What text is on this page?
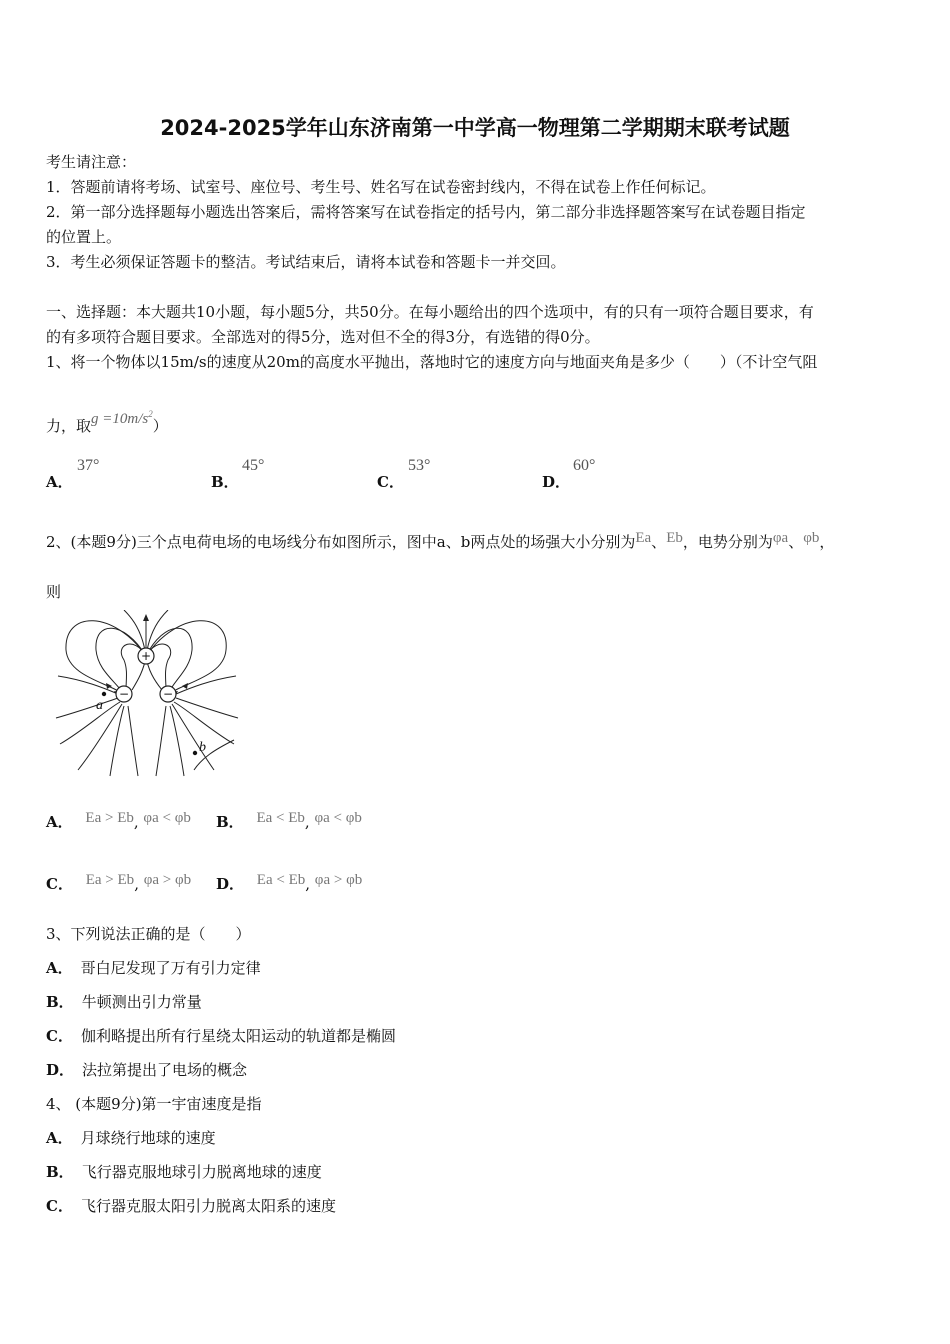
2024-2025学年山东济南第一中学高一物理第二学期期末联考试题
考生请注意：
1．答题前请将考场、试室号、座位号、考生号、姓名写在试卷密封线内，不得在试卷上作任何标记。
2．第一部分选择题每小题选出答案后，需将答案写在试卷指定的括号内，第二部分非选择题答案写在试卷题目指定
的位置上。
3．考生必须保证答题卡的整洁。考试结束后，请将本试卷和答题卡一并交回。
一、选择题：本大题共10小题，每小题5分，共50分。在每小题给出的四个选项中，有的只有一项符合题目要求，有
的有多项符合题目要求。全部选对的得5分，选对但不全的得3分，有选错的得0分。
1、将一个物体以15m/s的速度从20m的高度水平抛出，落地时它的速度方向与地面夹角是多少（　　）（不计空气阻
力，取$g =10m/s^2$）
A．
37°
B．
45°
C．
53°
D．
60°
2、(本题9分)三个点电荷电场的电场线分布如图所示，图中a、b两点处的场强大小分别为Ea、Eb，电势分别为φa、φb，
则
+
−	−
a
b
A． Ea > Eb, φa < φb B． Ea < Eb, φa < φb
C． Ea > Eb, φa > φb D． Ea < Eb, φa > φb
3、下列说法正确的是（　　）
A． 哥白尼发现了万有引力定律
B． 牛顿测出引力常量
C． 伽利略提出所有行星绕太阳运动的轨道都是椭圆
D． 法拉第提出了电场的概念
4、 (本题9分)第一宇宙速度是指
A． 月球绕行地球的速度
B． 飞行器克服地球引力脱离地球的速度
C． 飞行器克服太阳引力脱离太阳系的速度
